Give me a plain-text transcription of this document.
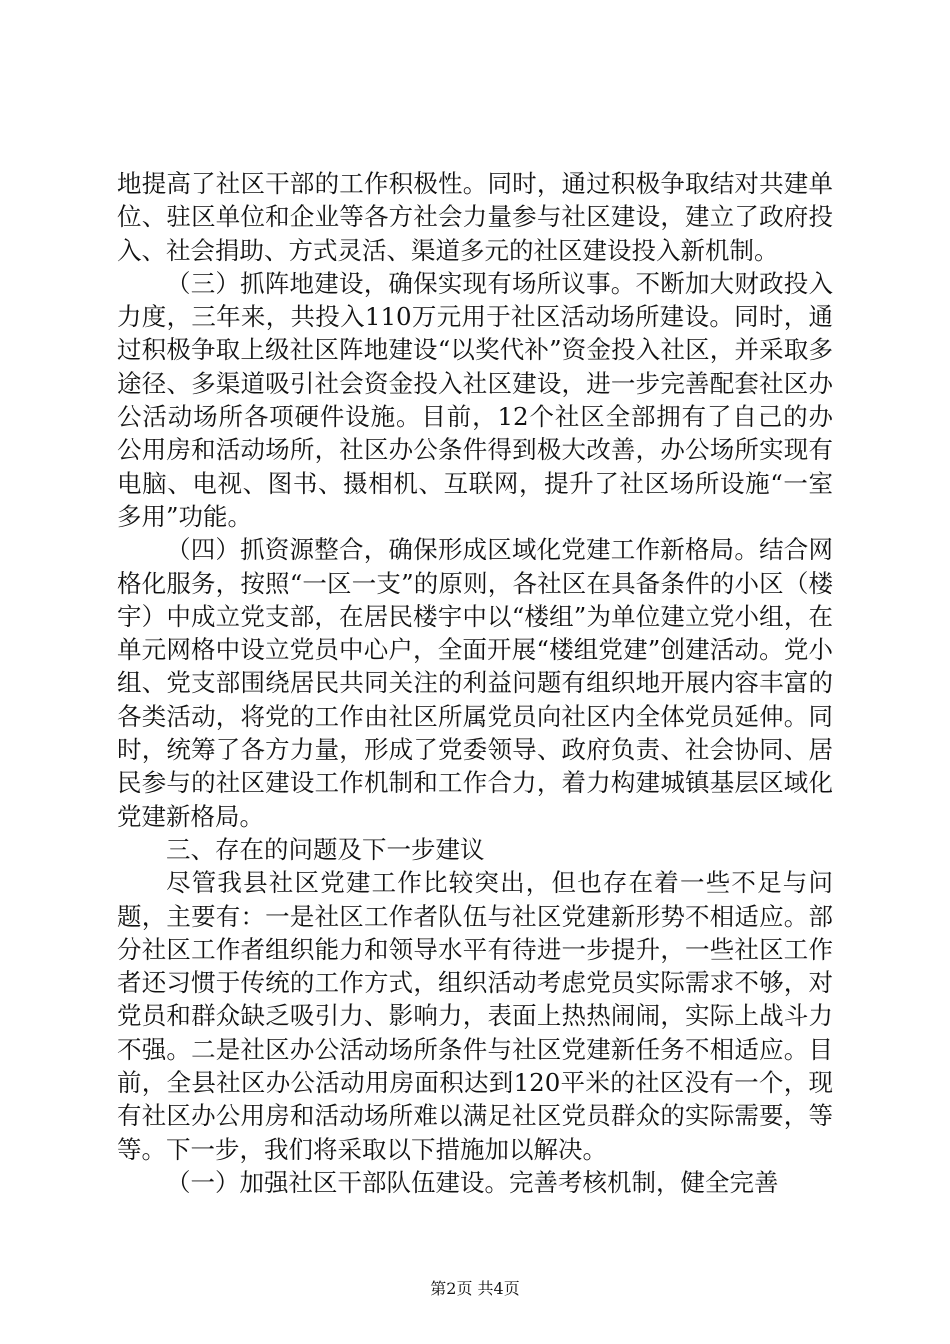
地提高了社区干部的工作积极性。同时，通过积极争取结对共建单位、驻区单位和企业等各方社会力量参与社区建设，建立了政府投入、社会捐助、方式灵活、渠道多元的社区建设投入新机制。

（三）抓阵地建设，确保实现有场所议事。不断加大财政投入力度，三年来，共投入110万元用于社区活动场所建设。同时，通过积极争取上级社区阵地建设“以奖代补”资金投入社区，并采取多途径、多渠道吸引社会资金投入社区建设，进一步完善配套社区办公活动场所各项硬件设施。目前，12个社区全部拥有了自己的办公用房和活动场所，社区办公条件得到极大改善，办公场所实现有电脑、电视、图书、摄相机、互联网，提升了社区场所设施“一室多用”功能。

（四）抓资源整合，确保形成区域化党建工作新格局。结合网格化服务，按照“一区一支”的原则，各社区在具备条件的小区（楼宇）中成立党支部，在居民楼宇中以“楼组”为单位建立党小组，在单元网格中设立党员中心户，全面开展“楼组党建”创建活动。党小组、党支部围绕居民共同关注的利益问题有组织地开展内容丰富的各类活动，将党的工作由社区所属党员向社区内全体党员延伸。同时，统筹了各方力量，形成了党委领导、政府负责、社会协同、居民参与的社区建设工作机制和工作合力，着力构建城镇基层区域化党建新格局。

三、存在的问题及下一步建议

尽管我县社区党建工作比较突出，但也存在着一些不足与问题，主要有：一是社区工作者队伍与社区党建新形势不相适应。部分社区工作者组织能力和领导水平有待进一步提升，一些社区工作者还习惯于传统的工作方式，组织活动考虑党员实际需求不够，对党员和群众缺乏吸引力、影响力，表面上热热闹闹，实际上战斗力不强。二是社区办公活动场所条件与社区党建新任务不相适应。目前，全县社区办公活动用房面积达到120平米的社区没有一个，现有社区办公用房和活动场所难以满足社区党员群众的实际需要，等等。下一步，我们将采取以下措施加以解决。

（一）加强社区干部队伍建设。完善考核机制，健全完善

第2页 共4页
